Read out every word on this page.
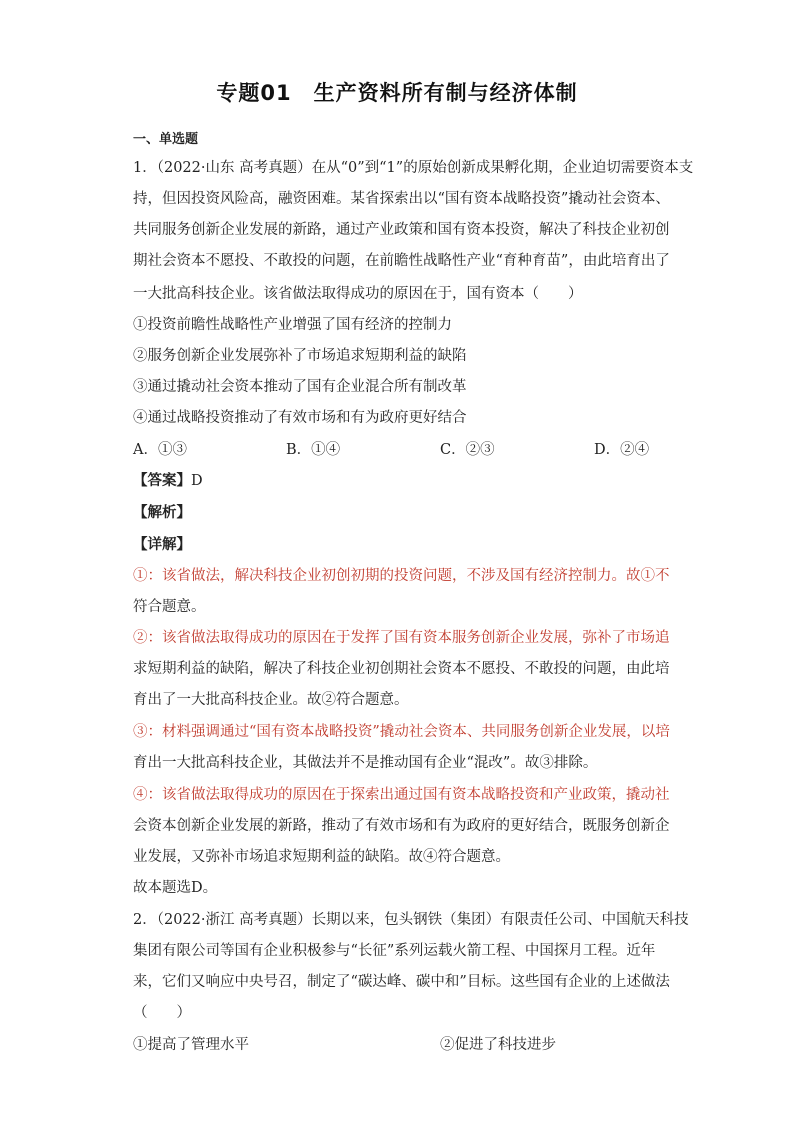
专题01 生产资料所有制与经济体制
一、单选题
1．（2022·山东 高考真题）在从“0”到“1”的原始创新成果孵化期，企业迫切需要资本支
持，但因投资风险高，融资困难。某省探索出以“国有资本战略投资”撬动社会资本、
共同服务创新企业发展的新路，通过产业政策和国有资本投资，解决了科技企业初创
期社会资本不愿投、不敢投的问题，在前瞻性战略性产业“育种育苗”，由此培育出了
一大批高科技企业。该省做法取得成功的原因在于，国有资本（　　）
①投资前瞻性战略性产业增强了国有经济的控制力
②服务创新企业发展弥补了市场追求短期利益的缺陷
③通过撬动社会资本推动了国有企业混合所有制改革
④通过战略投资推动了有效市场和有为政府更好结合
A．①③	B．①④	C．②③	D．②④
【答案】D
【解析】
【详解】
①：该省做法，解决科技企业初创初期的投资问题，不涉及国有经济控制力。故①不
符合题意。
②：该省做法取得成功的原因在于发挥了国有资本服务创新企业发展，弥补了市场追
求短期利益的缺陷，解决了科技企业初创期社会资本不愿投、不敢投的问题，由此培
育出了一大批高科技企业。故②符合题意。
③：材料强调通过“国有资本战略投资”撬动社会资本、共同服务创新企业发展，以培
育出一大批高科技企业，其做法并不是推动国有企业“混改”。故③排除。
④：该省做法取得成功的原因在于探索出通过国有资本战略投资和产业政策，撬动社
会资本创新企业发展的新路，推动了有效市场和有为政府的更好结合，既服务创新企
业发展，又弥补市场追求短期利益的缺陷。故④符合题意。
故本题选D。
2．（2022·浙江 高考真题）长期以来，包头钢铁（集团）有限责任公司、中国航天科技
集团有限公司等国有企业积极参与“长征”系列运载火箭工程、中国探月工程。近年
来，它们又响应中央号召，制定了“碳达峰、碳中和”目标。这些国有企业的上述做法
（　　）
①提高了管理水平	②促进了科技进步
